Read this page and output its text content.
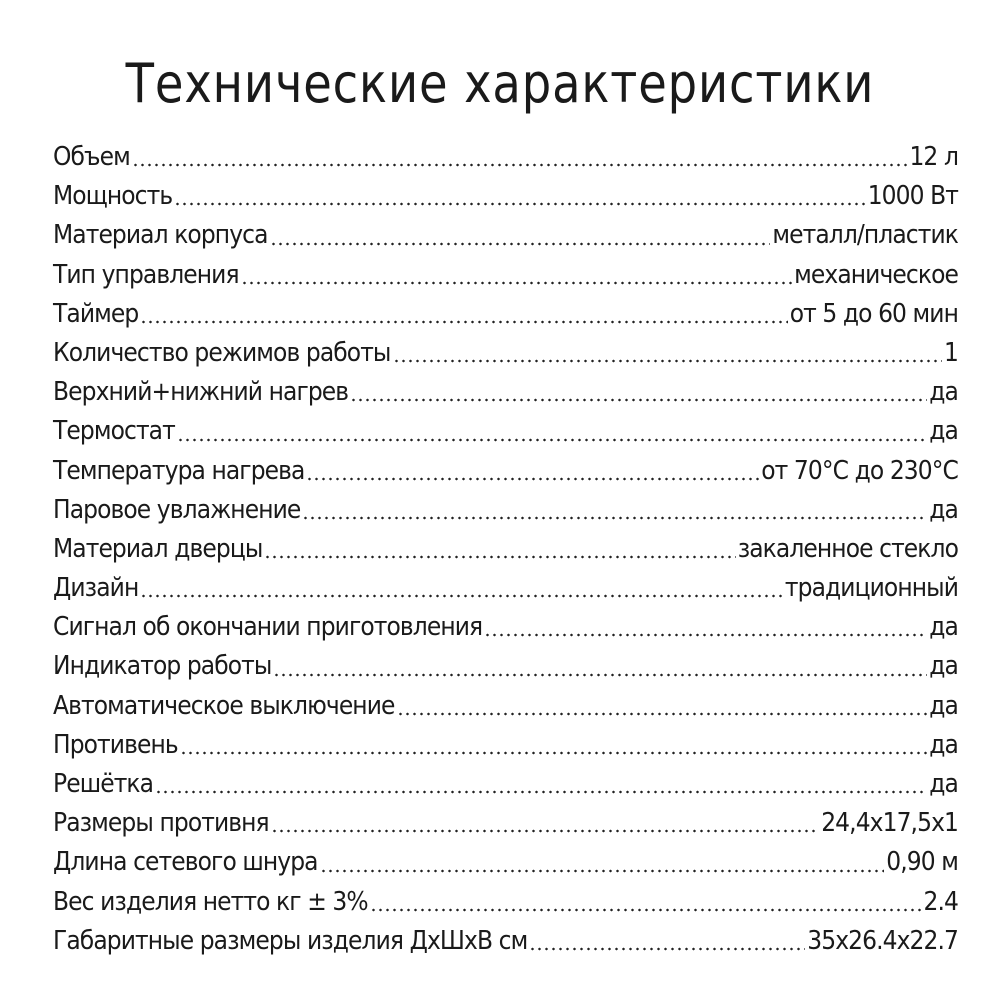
Технические характеристики
Объем	12 л
Мощность	1000 Вт
Материал корпуса	металл/пластик
Тип управления	механическое
Таймер	от 5 до 60 мин
Количество режимов работы	1
Верхний+нижний нагрев	да
Термостат	да
Температура нагрева	от 70°С до 230°С
Паровое увлажнение	да
Материал дверцы	закаленное стекло
Дизайн	традиционный
Сигнал об окончании приготовления	да
Индикатор работы	да
Автоматическое выключение	да
Противень	да
Решётка	да
Размеры противня	24,4х17,5х1
Длина сетевого шнура	0,90 м
Вес изделия нетто кг ± 3%	2.4
Габаритные размеры изделия ДхШхВ см	35х26.4х22.7
